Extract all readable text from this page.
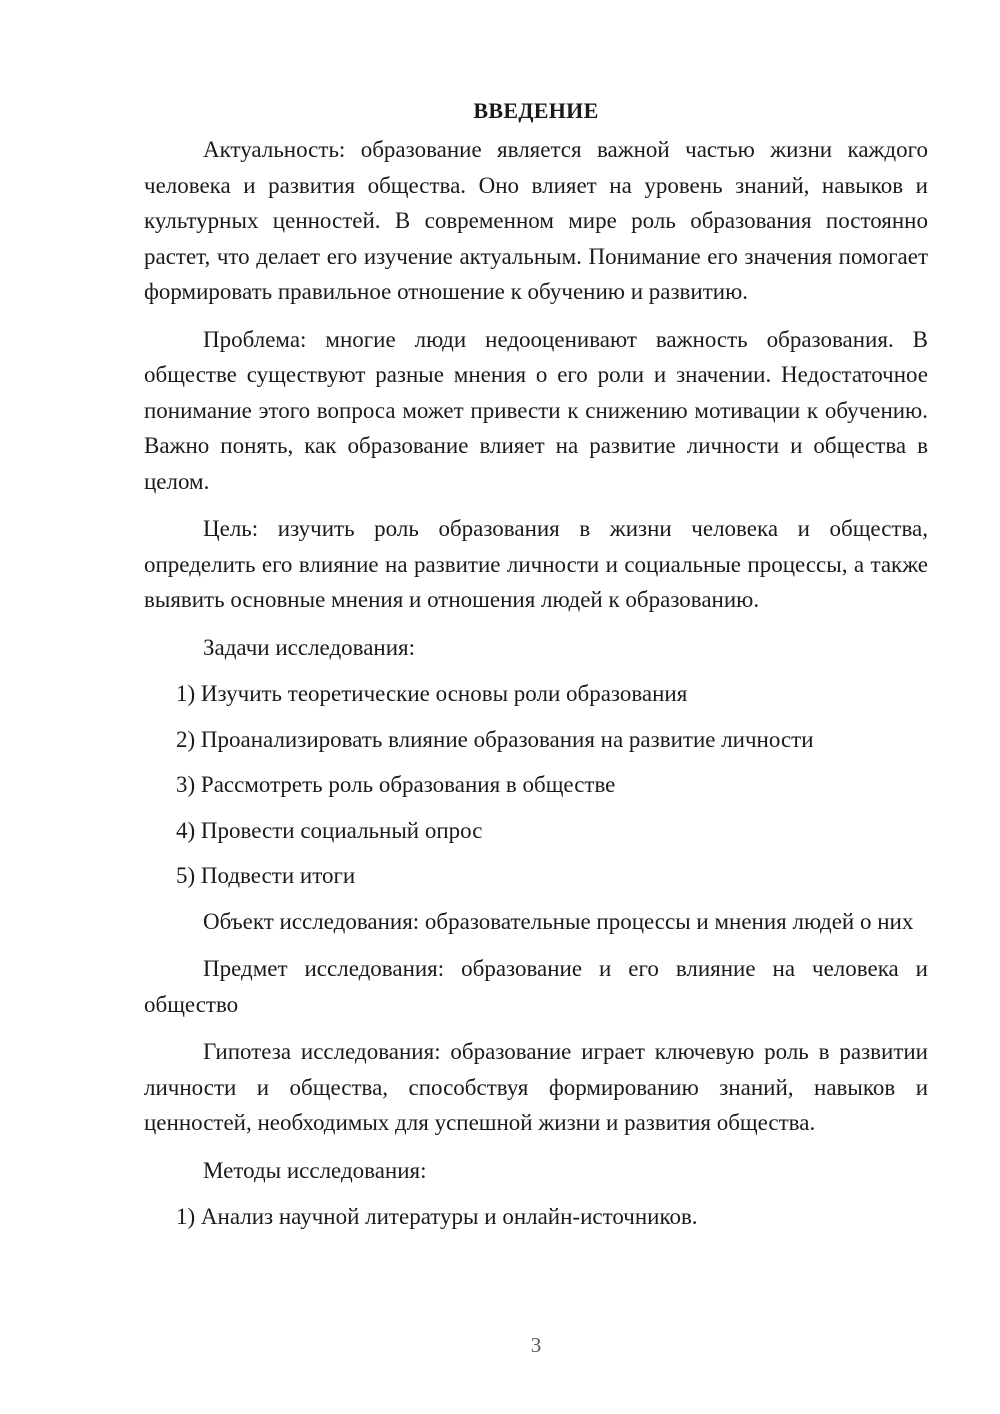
ВВЕДЕНИЕ

Актуальность: образование является важной частью жизни каждого человека и развития общества. Оно влияет на уровень знаний, навыков и культурных ценностей. В современном мире роль образования постоянно растет, что делает его изучение актуальным. Понимание его значения помогает формировать правильное отношение к обучению и развитию.

Проблема: многие люди недооценивают важность образования. В обществе существуют разные мнения о его роли и значении. Недостаточное понимание этого вопроса может привести к снижению мотивации к обучению. Важно понять, как образование влияет на развитие личности и общества в целом.

Цель: изучить роль образования в жизни человека и общества, определить его влияние на развитие личности и социальные процессы, а также выявить основные мнения и отношения людей к образованию.

Задачи исследования:

1) Изучить теоретические основы роли образования

2) Проанализировать влияние образования на развитие личности

3) Рассмотреть роль образования в обществе

4) Провести социальный опрос

5) Подвести итоги

Объект исследования: образовательные процессы и мнения людей о них

Предмет исследования: образование и его влияние на человека и общество

Гипотеза исследования: образование играет ключевую роль в развитии личности и общества, способствуя формированию знаний, навыков и ценностей, необходимых для успешной жизни и развития общества.

Методы исследования:

1) Анализ научной литературы и онлайн-источников.

3
